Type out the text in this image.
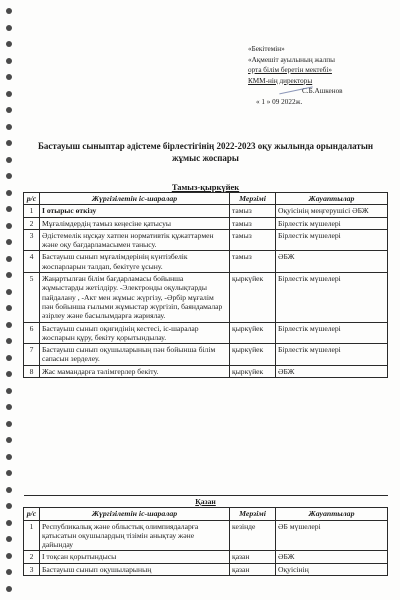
«Бекітемін»
«Ақмешіт ауылының жалпы
орта білім беретін мектебі»
КММ-нің директоры
С.Б.Ашкенов
« 1 » 09 2022ж.
Бастауыш сыныптар әдістеме бірлестігінің 2022-2023 оқу жылында орындалатын жұмыс жоспары
Тамыз-қыркүйек
р/с	Жүргізілетін іс-шаралар	Мерзімі	Жауаптылар
1	І отырыс өткізу	тамыз	Оқуісінің меңгерушісі ӘБЖ
2	Мұғалімдердің тамыз кеңесіне қатысуы	тамыз	Бірлестік мүшелері
3	Әдістемелік нұсқау хатпен нормативтік құжаттармен және оқу бағдарламасымен танысу.	тамыз	Бірлестік мүшелері
4	Бастауыш сынып мұғалімдерінің күнтізбелік жоспарларын талдап, бекітуге ұсыну.	тамыз	ӘБЖ
5	Жаңартылған білім бағдарламасы бойынша жұмыстарды жетілдіру. -Электронды оқулықтарды пайдалану , -Акт мен жұмыс жүргізу, -Әрбір мұғалім пән бойынша ғылыми жұмыстар жүргізіп, баяндамалар әзірлеу және басылымдарға жариялау.	қыркүйек	Бірлестік мүшелері
6	Бастауыш сынып оқиғидінің кестесі, іс-шаралар жоспарын құру, бекіту қорытындылау.	қыркүйек	Бірлестік мүшелері
7	Бастауыш сынып оқушыларының пән бойынша білім сапасын зерделеу.	қыркүйек	Бірлестік мүшелері
8	Жас мамандарға тәлімгерлер бекіту.	қыркүйек	ӘБЖ
Қазан			
р/с	Жүргізілетін іс-шаралар	Мерзімі	Жауаптылар
1	Республикалық және облыстық олимпиядаларға қатысатын оқушылардың тізімін анықтау және дайындау	кезінде	ӘБ мүшелері
2	І тоқсан қорытындысы	қазан	ӘБЖ
3	Бастауыш сынып оқушыларының	қазан	Оқуісінің
